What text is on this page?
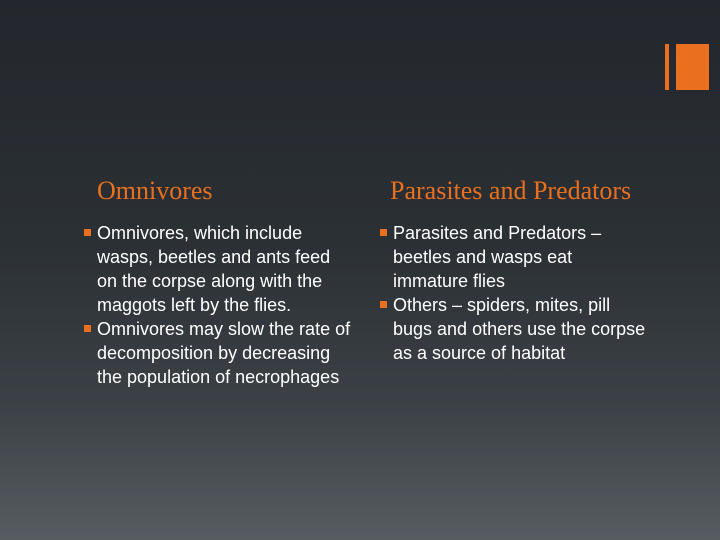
Omnivores
Omnivores, which include wasps, beetles and ants feed on the corpse along with the maggots left by the flies.
Omnivores may slow the rate of decomposition by decreasing the population of necrophages
Parasites and Predators
Parasites and Predators – beetles and wasps eat immature flies
Others – spiders, mites, pill bugs and others use the corpse as a source of habitat
